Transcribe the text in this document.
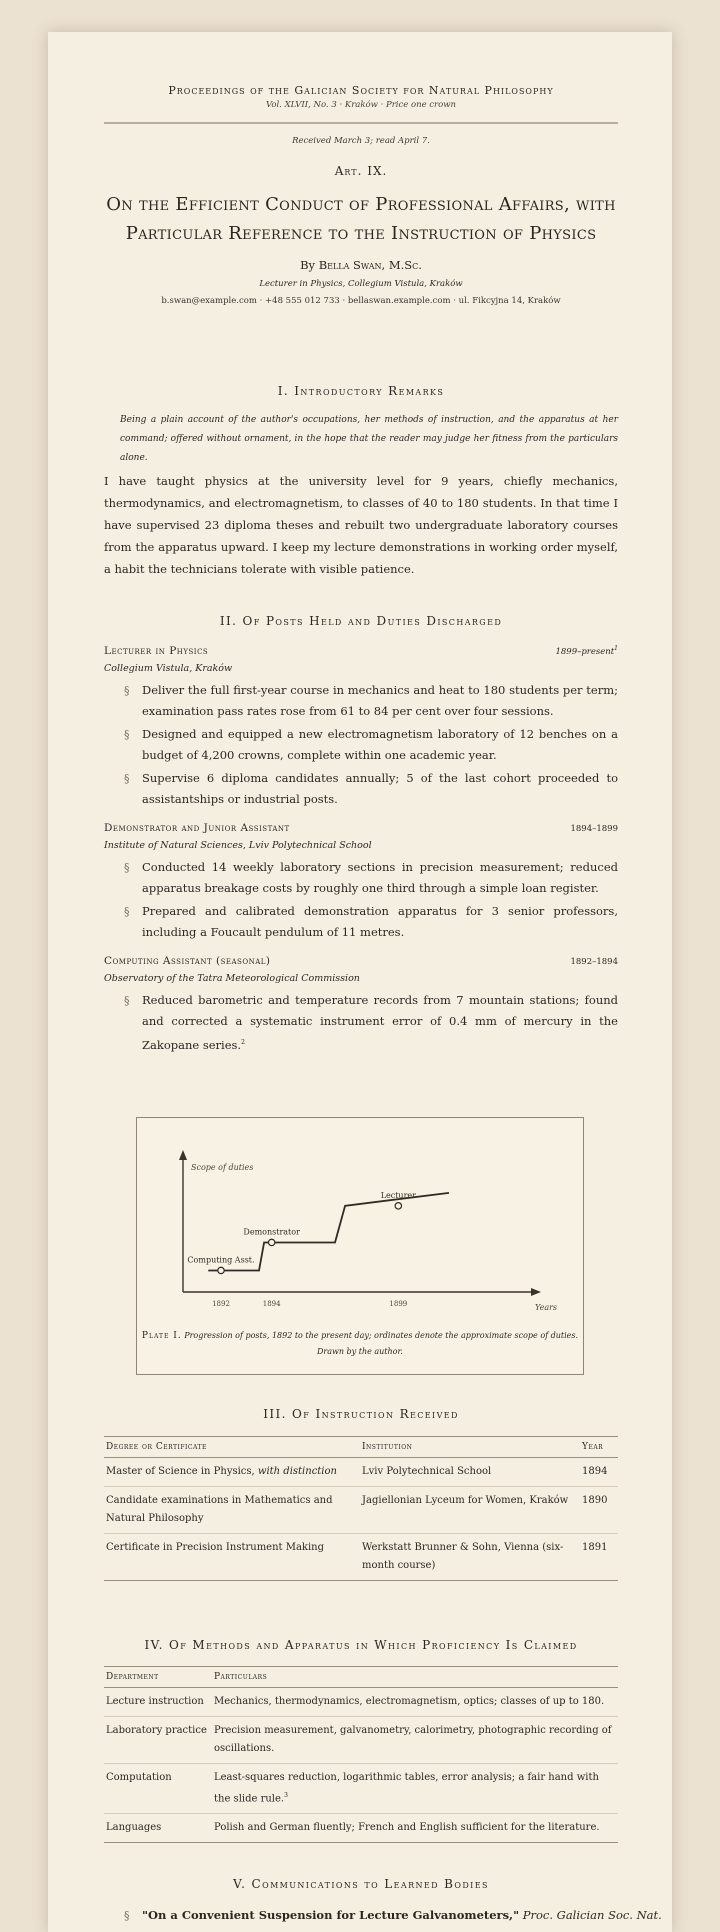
Proceedings of the Galician Society for Natural Philosophy
Vol. XLVII, No. 3 · Kraków · Price one crown
Received March 3; read April 7.
Art. IX.
On the Efficient Conduct of Professional Affairs, with Particular Reference to the Instruction of Physics
By Bella Swan, M.Sc.
Lecturer in Physics, Collegium Vistula, Kraków
b.swan@example.com · +48 555 012 733 · bellaswan.example.com · ul. Fikcyjna 14, Kraków
I. Introductory Remarks
Being a plain account of the author's occupations, her methods of instruction, and the apparatus at her command; offered without ornament, in the hope that the reader may judge her fitness from the particulars alone.

I have taught physics at the university level for 9 years, chiefly mechanics, thermodynamics, and electromagnetism, to classes of 40 to 180 students. In that time I have supervised 23 diploma theses and rebuilt two undergraduate laboratory courses from the apparatus upward. I keep my lecture demonstrations in working order myself, a habit the technicians tolerate with visible patience.

II. Of Posts Held and Duties Discharged
Lecturer in Physics	1899–present$^1$
Collegium Vistula, Kraków
§ Deliver the full first-year course in mechanics and heat to 180 students per term; examination pass rates rose from 61 to 84 per cent over four sessions.
§ Designed and equipped a new electromagnetism laboratory of 12 benches on a budget of 4,200 crowns, complete within one academic year.
§ Supervise 6 diploma candidates annually; 5 of the last cohort proceeded to assistantships or industrial posts.
Demonstrator and Junior Assistant	1894–1899
Institute of Natural Sciences, Lviv Polytechnical School
§ Conducted 14 weekly laboratory sections in precision measurement; reduced apparatus breakage costs by roughly one third through a simple loan register.
§ Prepared and calibrated demonstration apparatus for 3 senior professors, including a Foucault pendulum of 11 metres.
Computing Assistant (seasonal)	1892–1894
Observatory of the Tatra Meteorological Commission
§ Reduced barometric and temperature records from 7 mountain stations; found and corrected a systematic instrument error of 0.4 mm of mercury in the Zakopane series.$^2$
Scope of duties
Years
1892	1894	1899
Computing Asst.
Demonstrator
Lecturer
Plate I. Progression of posts, 1892 to the present day; ordinates denote the approximate scope of duties. Drawn by the author.
III. Of Instruction Received
Degree or Certificate	Institution	Year
Master of Science in Physics, with distinction	Lviv Polytechnical School	1894
Candidate examinations in Mathematics and Natural Philosophy	Jagiellonian Lyceum for Women, Kraków	1890
Certificate in Precision Instrument Making	Werkstatt Brunner & Sohn, Vienna (six-month course)	1891
IV. Of Methods and Apparatus in Which Proficiency Is Claimed
Department	Particulars
Lecture instruction	Mechanics, thermodynamics, electromagnetism, optics; classes of up to 180.
Laboratory practice	Precision measurement, galvanometry, calorimetry, photographic recording of oscillations.
Computation	Least-squares reduction, logarithmic tables, error analysis; a fair hand with the slide rule.$^3$
Languages	Polish and German fluently; French and English sufficient for the literature.
V. Communications to Learned Bodies
§ "On a Convenient Suspension for Lecture Galvanometers," Proc. Galician Soc. Nat.
